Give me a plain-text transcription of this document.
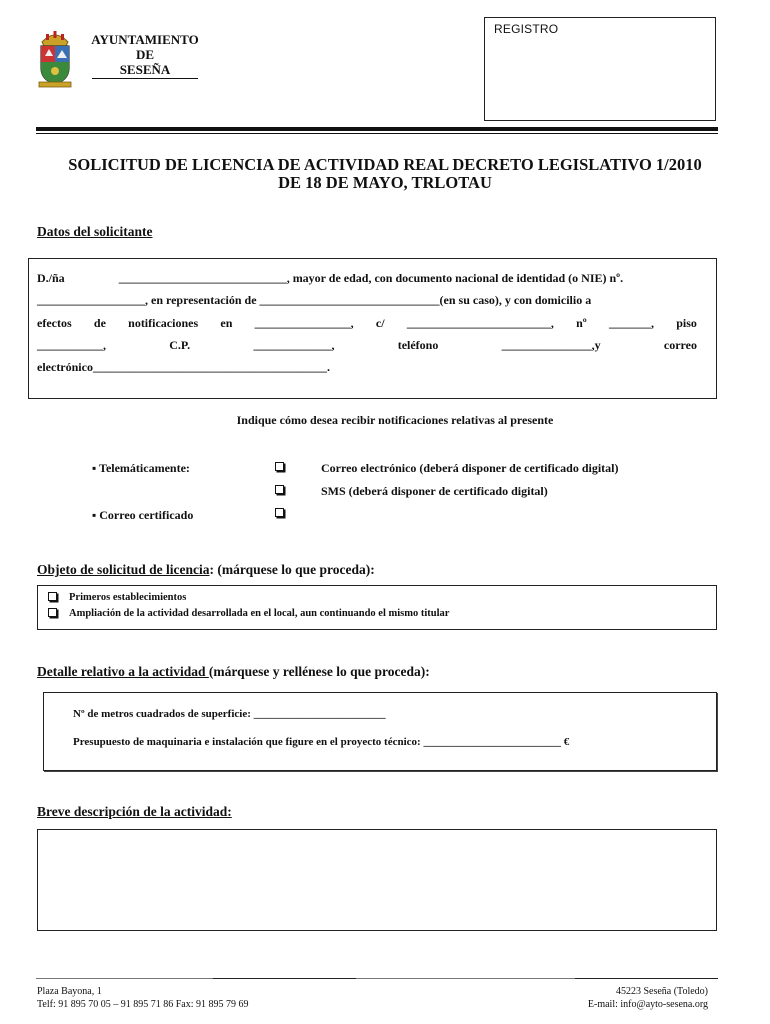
AYUNTAMIENTO
DE
SESEÑA
REGISTRO
SOLICITUD DE LICENCIA DE ACTIVIDAD REAL DECRETO LEGISLATIVO 1/2010
DE 18 DE MAYO, TRLOTAU
Datos del solicitante
D./ña	____________________________, mayor de edad, con documento nacional de identidad (o NIE) nº.
__________________, en representación de ______________________________(en su caso), y con domicilio a
efectos de notificaciones en ________________, c/ ________________________, nº _______, piso
___________,	C.P.	_____________,	teléfono	_______________,y	correo
electrónico_______________________________________.
Indique cómo desea recibir notificaciones relativas al presente
▪ Telemáticamente:	Correo electrónico (deberá disponer de certificado digital)
SMS (deberá disponer de certificado digital)
▪ Correo certificado
Objeto de solicitud de licencia: (márquese lo que proceda):
Primeros establecimientos
Ampliación de la actividad desarrollada en el local, aun continuando el mismo titular
Detalle relativo a la actividad (márquese y rellénese lo que proceda):
Nº de metros cuadrados de superficie: ________________________
Presupuesto de maquinaria e instalación que figure en el proyecto técnico: _________________________ €
Breve descripción de la actividad:
Plaza Bayona, 1
Telf: 91 895 70 05 – 91 895 71 86 Fax: 91 895 79 69
45223 Seseña (Toledo)
E-mail: info@ayto-sesena.org
